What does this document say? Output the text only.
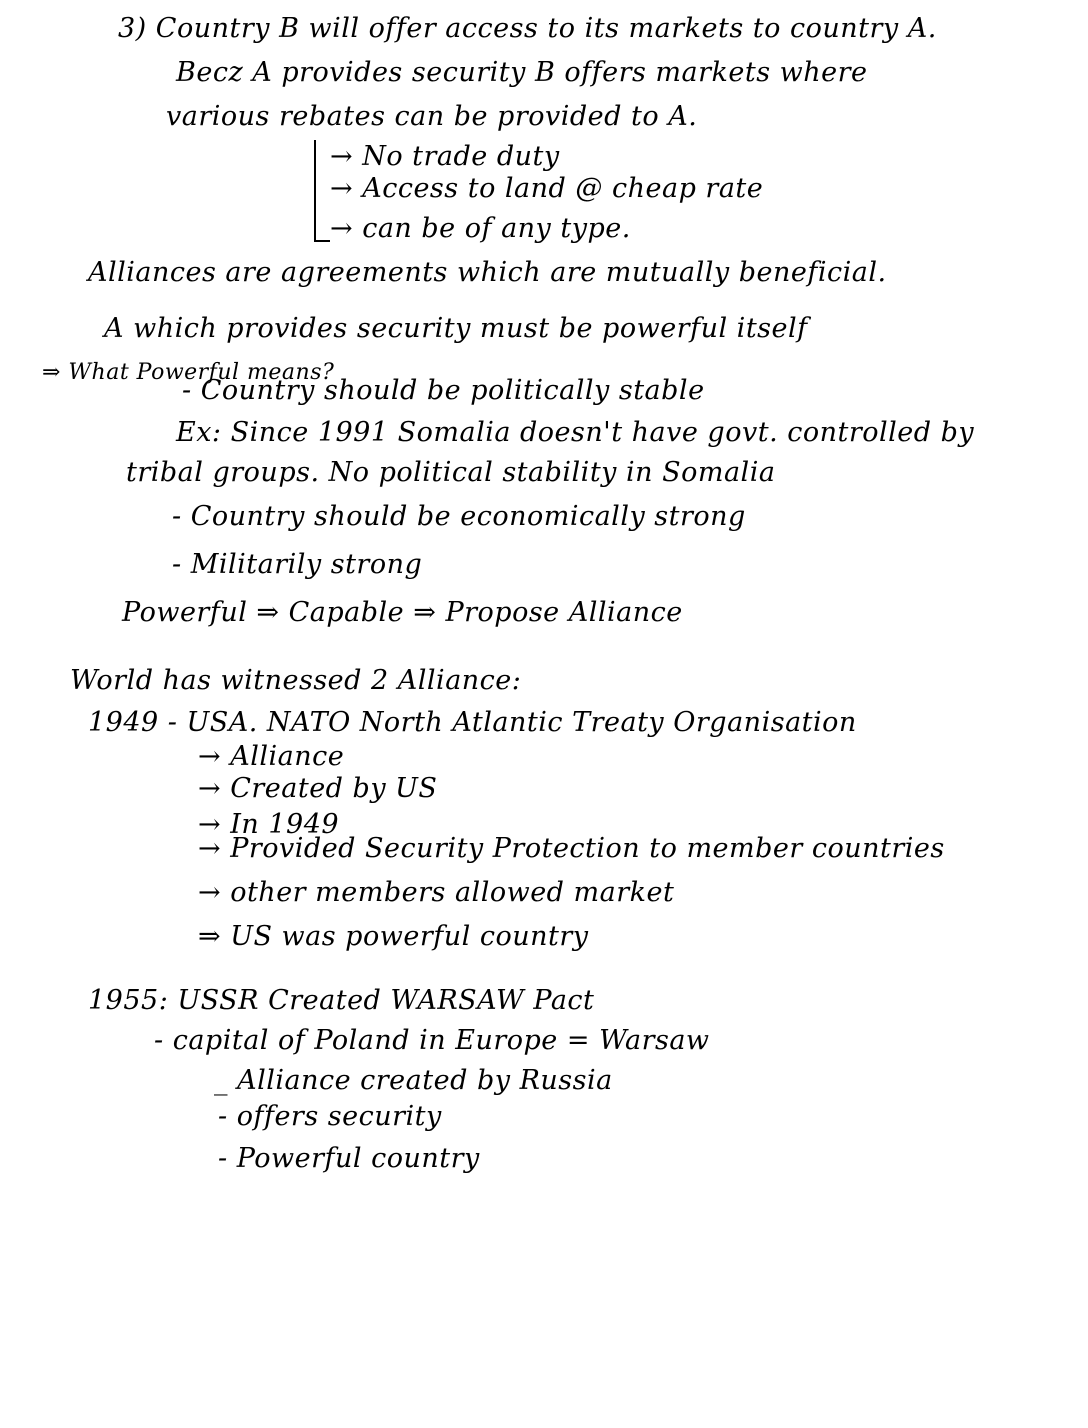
3) Country B will offer access to its markets to country A.
Becz A provides security B offers markets where
various rebates can be provided to A.
→ No trade duty
→ Access to land @ cheap rate
→ can be of any type.
Alliances are agreements which are mutually beneficial.
A which provides security must be powerful itself
⇒ What Powerful means?
- Country should be politically stable
Ex: Since 1991 Somalia doesn't have govt. controlled by
tribal groups. No political stability in Somalia
- Country should be economically strong
- Militarily strong
Powerful ⇒ Capable ⇒ Propose Alliance
World has witnessed 2 Alliance:
1949 - USA. NATO North Atlantic Treaty Organisation
→ Alliance
→ Created by US
→ In 1949
→ Provided Security Protection to member countries
→ other members allowed market
⇒ US was powerful country
1955: USSR Created WARSAW Pact
- capital of Poland in Europe = Warsaw
_ Alliance created by Russia
- offers security
- Powerful country
